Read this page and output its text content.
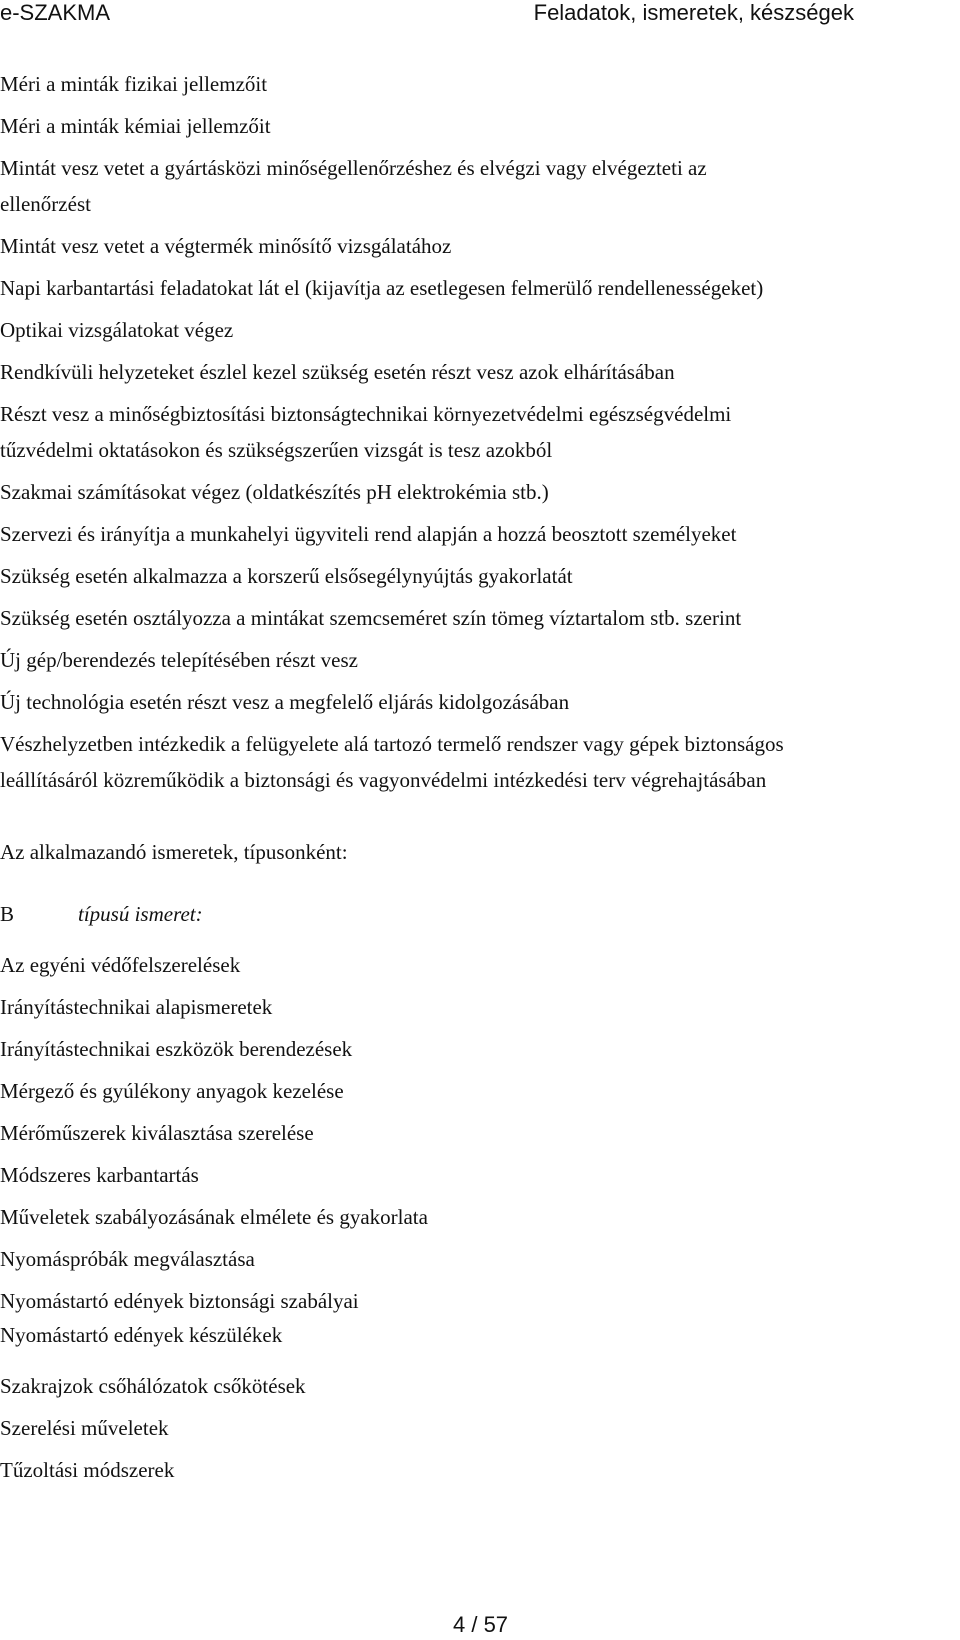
e-SZAKMA	Feladatok, ismeretek, készségek
Méri a minták fizikai jellemzőit
Méri a minták kémiai jellemzőit
Mintát vesz vetet a gyártásközi minőségellenőrzéshez és elvégzi vagy elvégezteti az
ellenőrzést
Mintát vesz vetet a végtermék minősítő vizsgálatához
Napi karbantartási feladatokat lát el (kijavítja az esetlegesen felmerülő rendellenességeket)
Optikai vizsgálatokat végez
Rendkívüli helyzeteket észlel kezel szükség esetén részt vesz azok elhárításában
Részt vesz a minőségbiztosítási biztonságtechnikai környezetvédelmi egészségvédelmi
tűzvédelmi oktatásokon és szükségszerűen vizsgát is tesz azokból
Szakmai számításokat végez (oldatkészítés pH elektrokémia stb.)
Szervezi és irányítja a munkahelyi ügyviteli rend alapján a hozzá beosztott személyeket
Szükség esetén alkalmazza a korszerű elsősegélynyújtás gyakorlatát
Szükség esetén osztályozza a mintákat szemcseméret szín tömeg víztartalom stb. szerint
Új gép/berendezés telepítésében részt vesz
Új technológia esetén részt vesz a megfelelő eljárás kidolgozásában
Vészhelyzetben intézkedik a felügyelete alá tartozó termelő rendszer vagy gépek biztonságos
leállításáról közreműködik a biztonsági és vagyonvédelmi intézkedési terv végrehajtásában
Az alkalmazandó ismeretek, típusonként:
B	típusú ismeret:
Az egyéni védőfelszerelések
Irányítástechnikai alapismeretek
Irányítástechnikai eszközök berendezések
Mérgező és gyúlékony anyagok kezelése
Mérőműszerek kiválasztása szerelése
Módszeres karbantartás
Műveletek szabályozásának elmélete és gyakorlata
Nyomáspróbák megválasztása
Nyomástartó edények biztonsági szabályai
Nyomástartó edények készülékek
Szakrajzok csőhálózatok csőkötések
Szerelési műveletek
Tűzoltási módszerek
4 / 57
